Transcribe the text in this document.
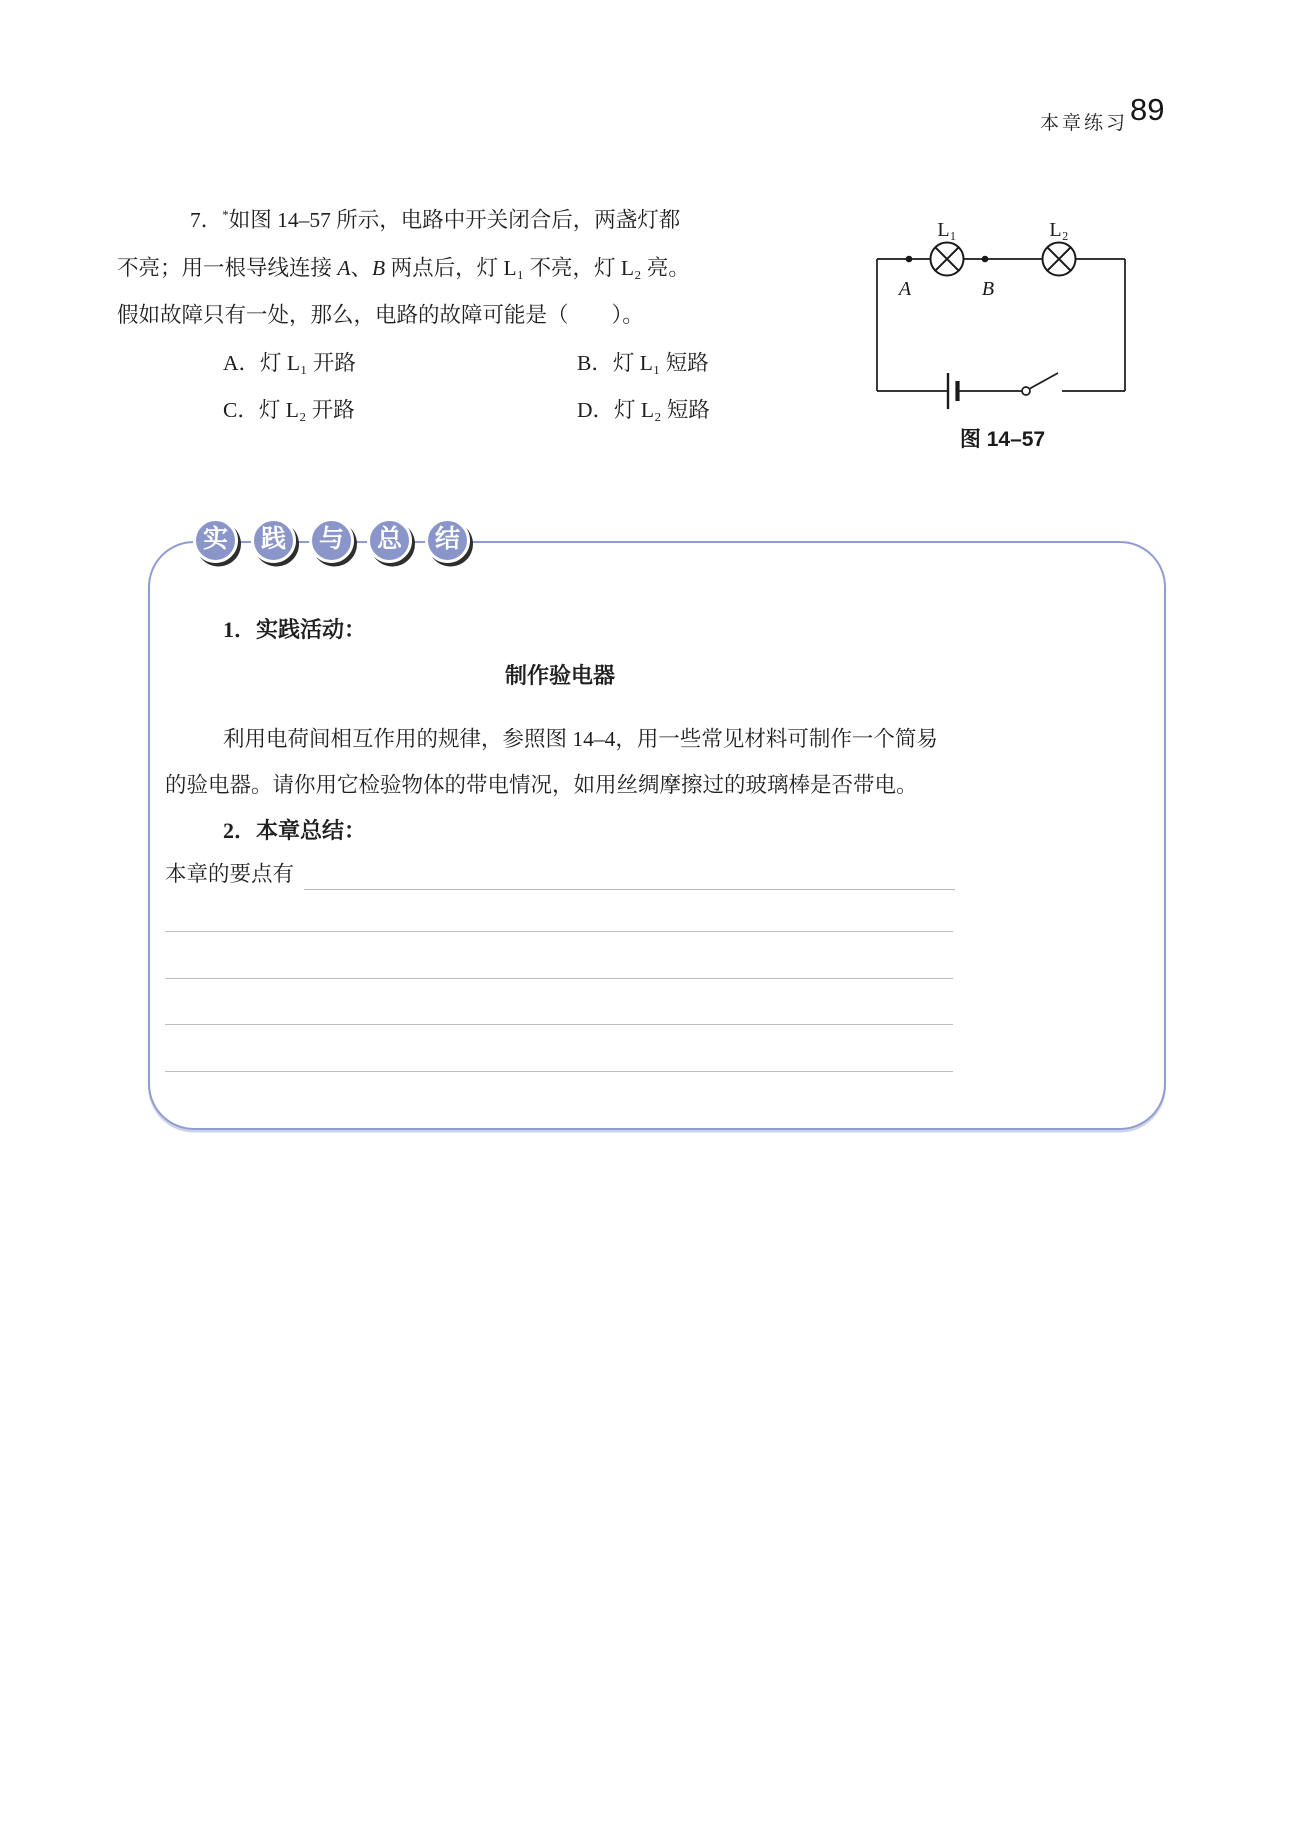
本章练习 89
7．*如图 14–57 所示，电路中开关闭合后，两盏灯都
不亮；用一根导线连接 A、B 两点后，灯 L₁ 不亮，灯 L₂ 亮。
假如故障只有一处，那么，电路的故障可能是（　　）。
A．灯 L₁ 开路	B．灯 L₁ 短路
C．灯 L₂ 开路	D．灯 L₂ 短路
L₁	L₂
A	B
图 14–57
实	践	与	总	结
1．实践活动：
制作验电器
利用电荷间相互作用的规律，参照图 14–4，用一些常见材料可制作一个简易
的验电器。请你用它检验物体的带电情况，如用丝绸摩擦过的玻璃棒是否带电。
2．本章总结：
本章的要点有
